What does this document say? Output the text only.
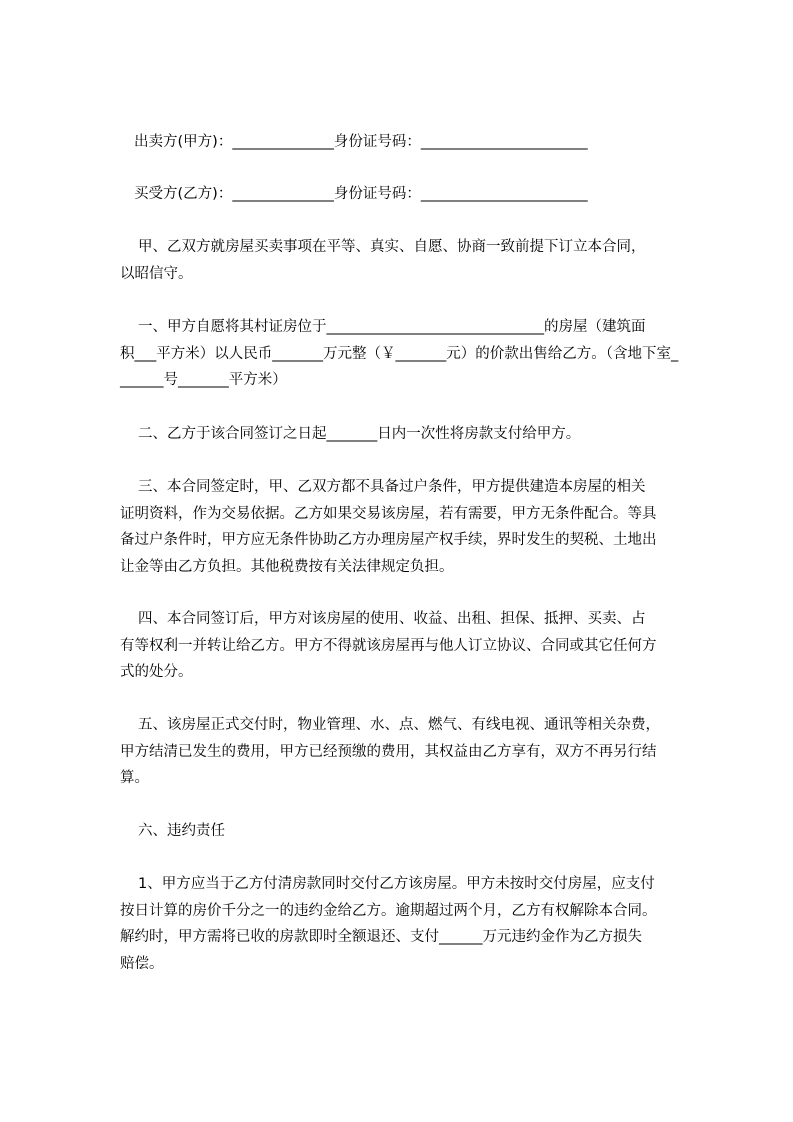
出卖方(甲方)：______________身份证号码：_______________________
买受方(乙方)：______________身份证号码：_______________________
甲、乙双方就房屋买卖事项在平等、真实、自愿、协商一致前提下订立本合同，
以昭信守。
一、甲方自愿将其村证房位于______________________________的房屋（建筑面
积___平方米）以人民币_______万元整（￥_______元）的价款出售给乙方。（含地下室_
______号_______平方米）
二、乙方于该合同签订之日起_______日内一次性将房款支付给甲方。
三、本合同签定时，甲、乙双方都不具备过户条件，甲方提供建造本房屋的相关
证明资料，作为交易依据。乙方如果交易该房屋，若有需要，甲方无条件配合。等具
备过户条件时，甲方应无条件协助乙方办理房屋产权手续，界时发生的契税、土地出
让金等由乙方负担。其他税费按有关法律规定负担。
四、本合同签订后，甲方对该房屋的使用、收益、出租、担保、抵押、买卖、占
有等权利一并转让给乙方。甲方不得就该房屋再与他人订立协议、合同或其它任何方
式的处分。
五、该房屋正式交付时，物业管理、水、点、燃气、有线电视、通讯等相关杂费，
甲方结清已发生的费用，甲方已经预缴的费用，其权益由乙方享有，双方不再另行结
算。
六、违约责任
1、甲方应当于乙方付清房款同时交付乙方该房屋。甲方未按时交付房屋，应支付
按日计算的房价千分之一的违约金给乙方。逾期超过两个月，乙方有权解除本合同。
解约时，甲方需将已收的房款即时全额退还、支付______万元违约金作为乙方损失
赔偿。
